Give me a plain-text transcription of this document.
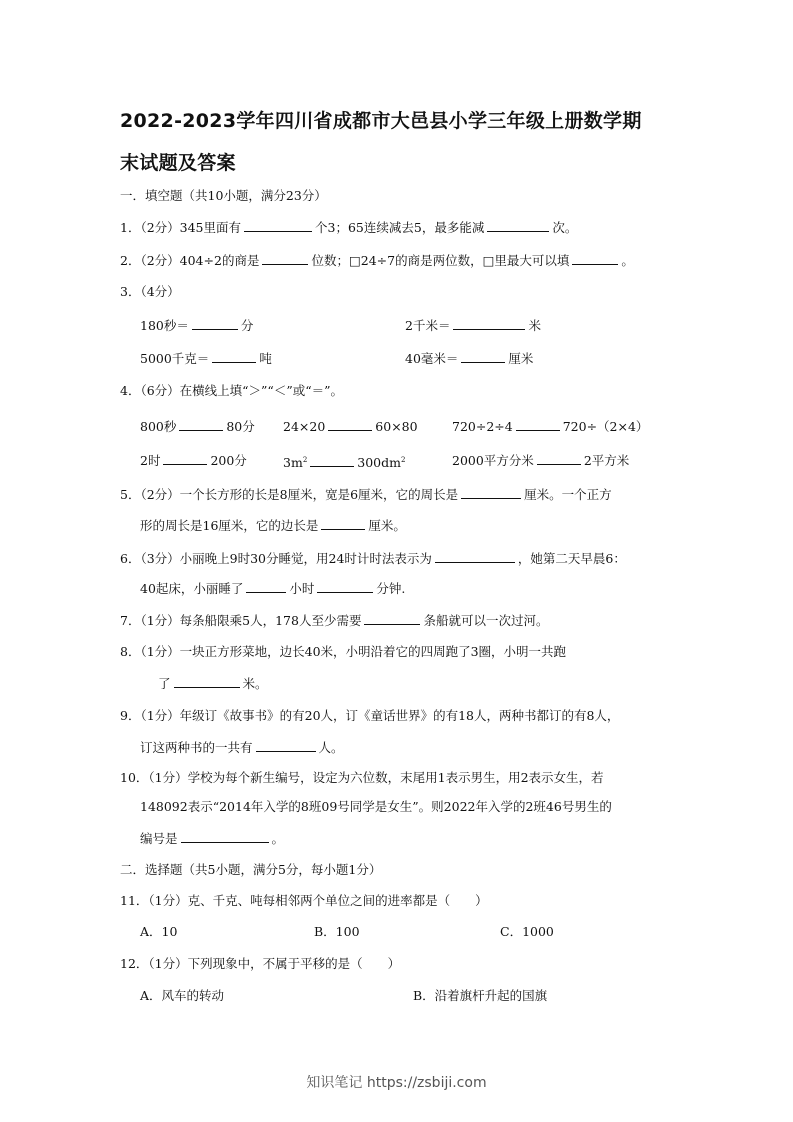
2022-2023学年四川省成都市大邑县小学三年级上册数学期
末试题及答案
一．填空题（共10小题，满分23分）
1．（2分）345里面有	个3；65连续减去5，最多能减	次。
2．（2分）404÷2的商是	位数；□24÷7的商是两位数，□里最大可以填	。
3．（4分）
180秒＝	分	2千米＝	米
5000千克＝	吨	40毫米＝	厘米
4．（6分）在横线上填“＞”“＜”或“＝”。
800秒	80分 24×20	60×80	720÷2÷4	720÷（2×4）
2时	200分	$3m^2$	$300dm^2$	2000平方分米	2平方米
5．（2分）一个长方形的长是8厘米，宽是6厘米，它的周长是	厘米。一个正方
形的周长是16厘米，它的边长是	厘米。
6．（3分）小丽晚上9时30分睡觉，用24时计时法表示为	，她第二天早晨6：
40起床，小丽睡了	小时	分钟.
7．（1分）每条船限乘5人，178人至少需要	条船就可以一次过河。
8．（1分）一块正方形菜地，边长40米，小明沿着它的四周跑了3圈，小明一共跑
了	米。
9．（1分）年级订《故事书》的有20人，订《童话世界》的有18人，两种书都订的有8人，
订这两种书的一共有	人。
10．（1分）学校为每个新生编号，设定为六位数，末尾用1表示男生，用2表示女生，若
148092表示“2014年入学的8班09号同学是女生”。则2022年入学的2班46号男生的
编号是	。
二．选择题（共5小题，满分5分，每小题1分）
11．（1分）克、千克、吨每相邻两个单位之间的进率都是（　　）
A．10	B．100	C．1000
12．（1分）下列现象中，不属于平移的是（　　）
A．风车的转动	B．沿着旗杆升起的国旗
知识笔记 https://zsbiji.com
